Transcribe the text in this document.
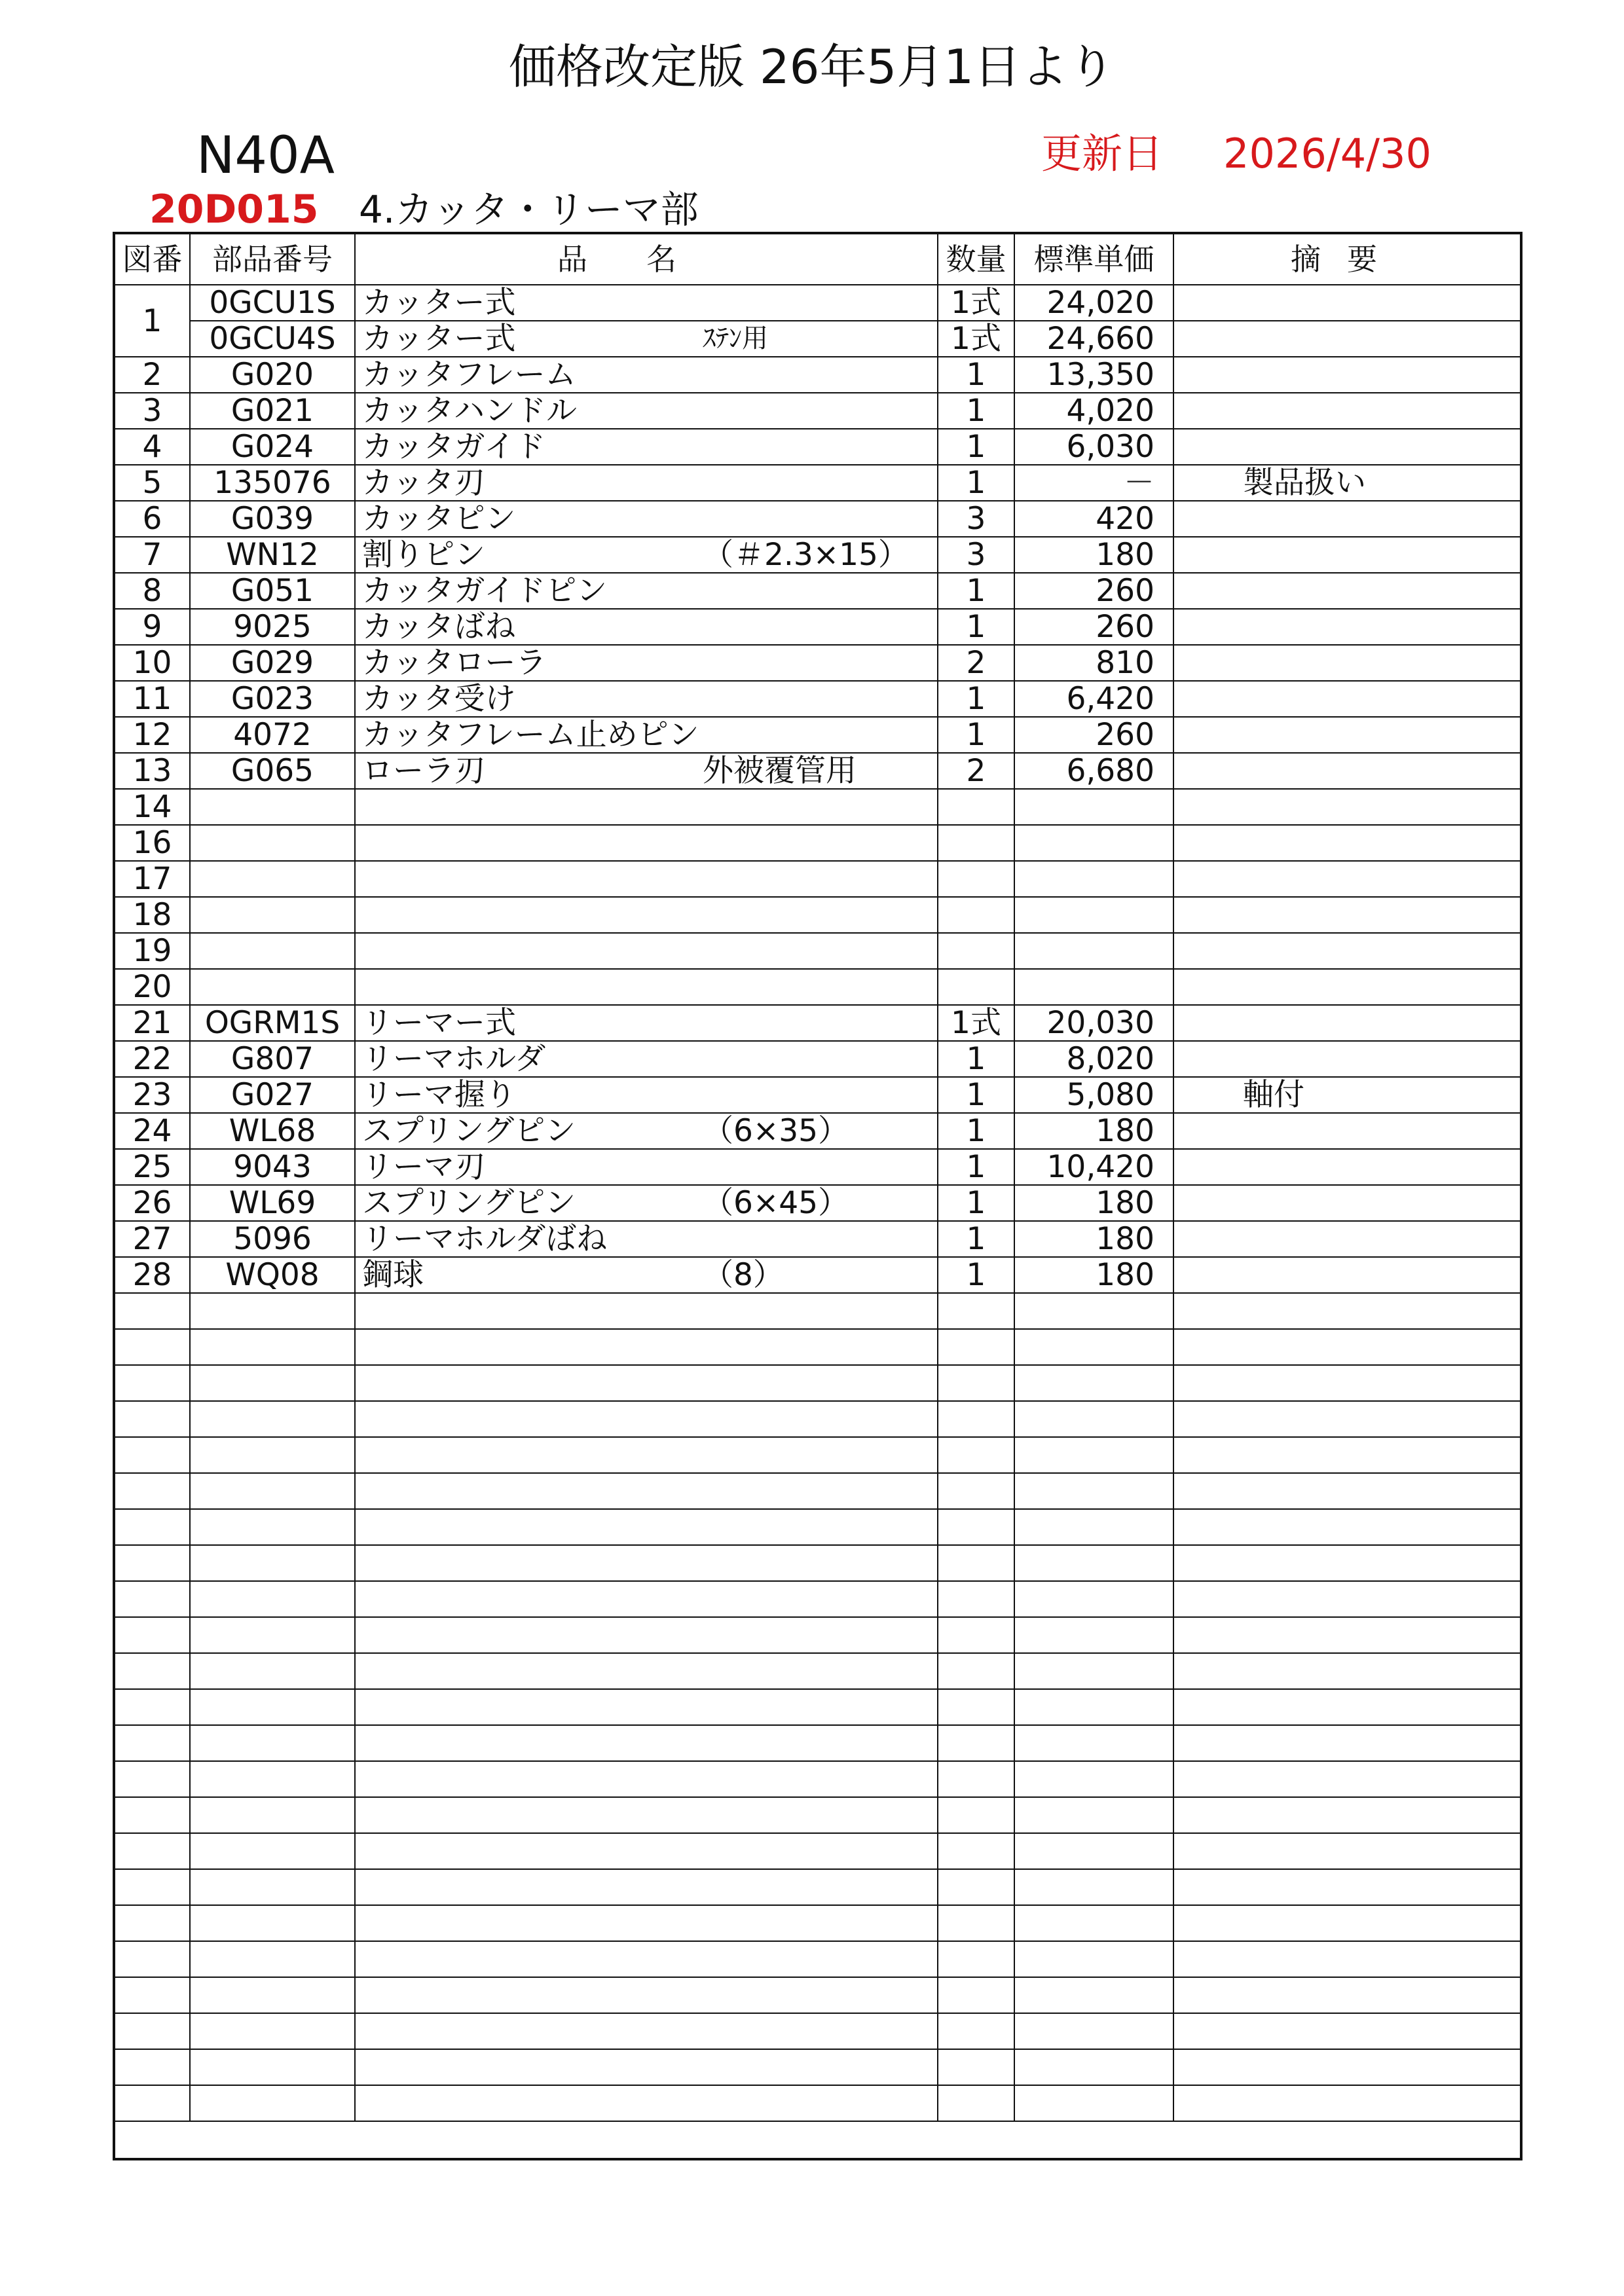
価格改定版 26年5月1日より
N40A	更新日 2026/4/30
20D015 4.カッタ・リーマ部
図番	部品番号	品名	数量	標準単価	摘要
1	0GCU1S	カッター式	1式	24,020	
	0GCU4S	カッター式 ｽﾃﾝ用	1式	24,660	
2	G020	カッタフレーム	1	13,350	
3	G021	カッタハンドル	1	4,020	
4	G024	カッタガイド	1	6,030	
5	135076	カッタ刃	1	－	製品扱い
6	G039	カッタピン	3	420	
7	WN12	割りピン （＃2.3×15）	3	180	
8	G051	カッタガイドピン	1	260	
9	9025	カッタばね	1	260	
10	G029	カッタローラ	2	810	
11	G023	カッタ受け	1	6,420	
12	4072	カッタフレーム止めピン	1	260	
13	G065	ローラ刃 外被覆管用	2	6,680	
14					
16					
17					
18					
19					
20					
21	OGRM1S	リーマー式	1式	20,030	
22	G807	リーマホルダ	1	8,020	
23	G027	リーマ握り	1	5,080	軸付
24	WL68	スプリングピン （6×35）	1	180	
25	9043	リーマ刃	1	10,420	
26	WL69	スプリングピン （6×45）	1	180	
27	5096	リーマホルダばね	1	180	
28	WQ08	鋼球 （8）	1	180	
